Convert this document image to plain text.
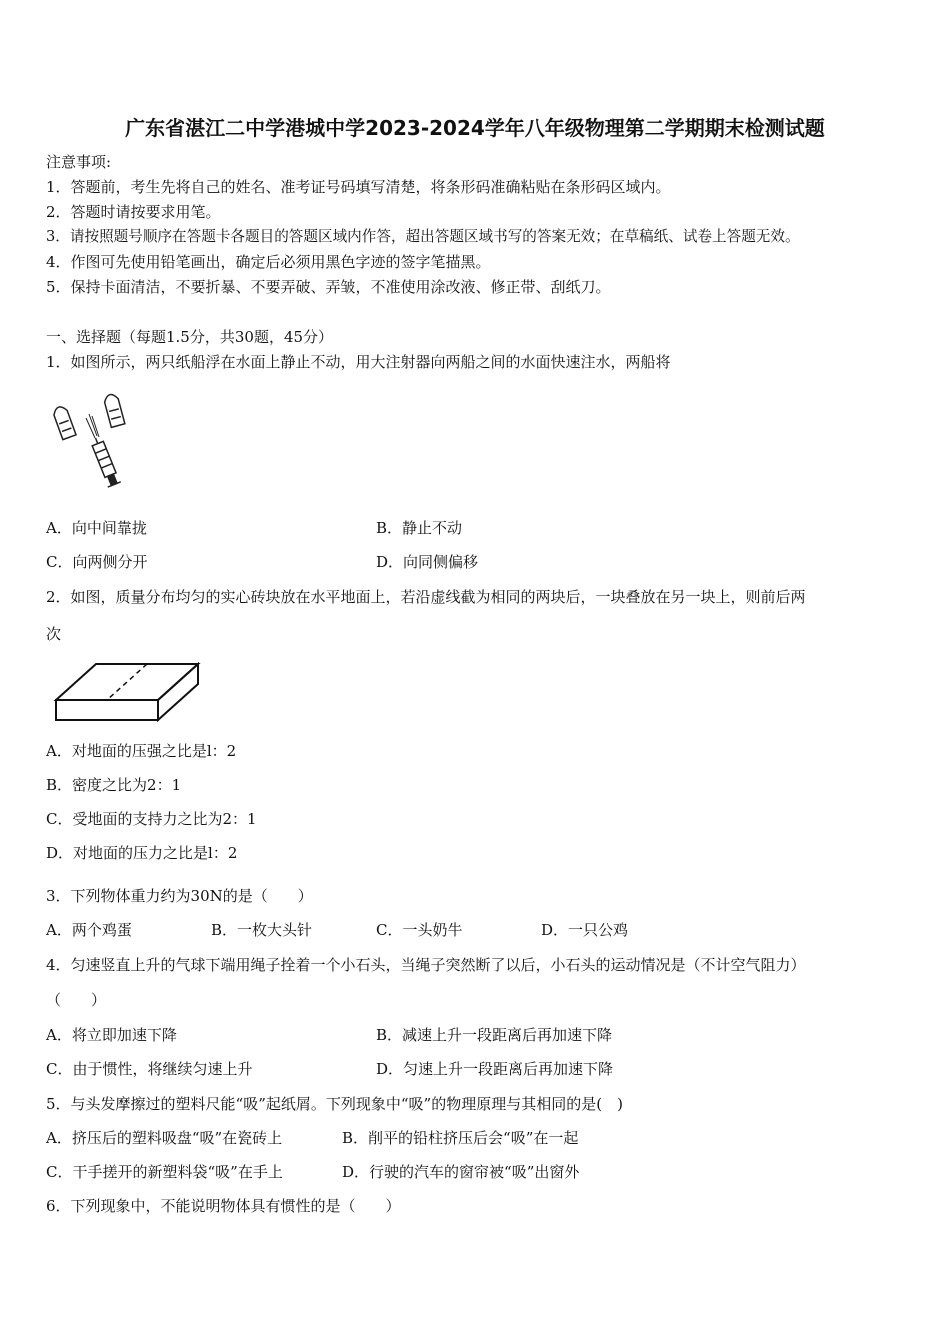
广东省湛江二中学港城中学2023-2024学年八年级物理第二学期期末检测试题
注意事项:
1．答题前，考生先将自己的姓名、准考证号码填写清楚，将条形码准确粘贴在条形码区域内。
2．答题时请按要求用笔。
3．请按照题号顺序在答题卡各题目的答题区域内作答，超出答题区域书写的答案无效；在草稿纸、试卷上答题无效。
4．作图可先使用铅笔画出，确定后必须用黑色字迹的签字笔描黑。
5．保持卡面清洁，不要折暴、不要弄破、弄皱，不准使用涂改液、修正带、刮纸刀。
一、选择题（每题1.5分，共30题，45分）
1．如图所示，两只纸船浮在水面上静止不动，用大注射器向两船之间的水面快速注水，两船将
A．向中间靠拢	B．静止不动
C．向两侧分开	D．向同侧偏移
2．如图，质量分布均匀的实心砖块放在水平地面上，若沿虚线截为相同的两块后，一块叠放在另一块上，则前后两
次
A．对地面的压强之比是l：2
B．密度之比为2：1
C．受地面的支持力之比为2：1
D．对地面的压力之比是l：2
3．下列物体重力约为30N的是（　　）
A．两个鸡蛋	B．一枚大头针	C．一头奶牛	D．一只公鸡
4．匀速竖直上升的气球下端用绳子拴着一个小石头，当绳子突然断了以后，小石头的运动情况是（不计空气阻力）
（　　）
A．将立即加速下降	B．减速上升一段距离后再加速下降
C．由于惯性，将继续匀速上升	D．匀速上升一段距离后再加速下降
5．与头发摩擦过的塑料尺能“吸”起纸屑。下列现象中“吸”的物理原理与其相同的是(　)
A．挤压后的塑料吸盘“吸”在瓷砖上	B．削平的铅柱挤压后会“吸”在一起
C．干手搓开的新塑料袋“吸”在手上	D．行驶的汽车的窗帘被“吸”出窗外
6．下列现象中，不能说明物体具有惯性的是（　　）
